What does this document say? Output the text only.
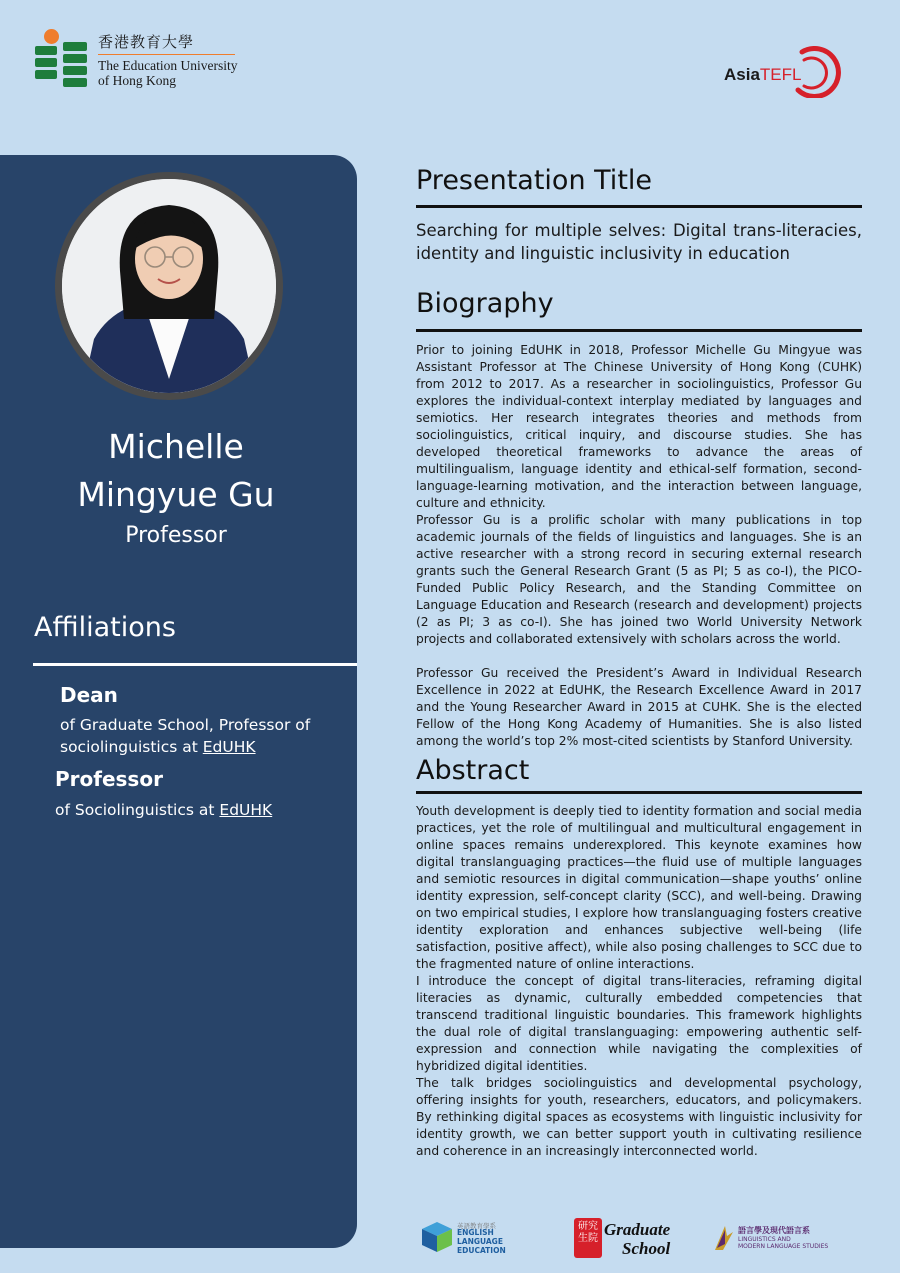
香港教育大學
The Education University
of Hong Kong	AsiaTEFL
Michelle
Mingyue Gu
Professor
Affiliations
Dean
of Graduate School, Professor of sociolinguistics at EdUHK
Professor
of Sociolinguistics at EdUHK
Presentation Title
Searching for multiple selves: Digital trans-literacies, identity and linguistic inclusivity in education
Biography

Prior to joining EdUHK in 2018, Professor Michelle Gu Mingyue was Assistant Professor at The Chinese University of Hong Kong (CUHK) from 2012 to 2017. As a researcher in sociolinguistics, Professor Gu explores the individual-context interplay mediated by languages and semiotics. Her research integrates theories and methods from sociolinguistics, critical inquiry, and discourse studies. She has developed theoretical frameworks to advance the areas of multilingualism, language identity and ethical-self formation, second-language-learning motivation, and the interaction between language, culture and ethnicity.

Professor Gu is a prolific scholar with many publications in top academic journals of the fields of linguistics and languages. She is an active researcher with a strong record in securing external research grants such the General Research Grant (5 as PI; 5 as co-I), the PICO-Funded Public Policy Research, and the Standing Committee on Language Education and Research (research and development) projects (2 as PI; 3 as co-I). She has joined two World University Network projects and collaborated extensively with scholars across the world.

Professor Gu received the President’s Award in Individual Research Excellence in 2022 at EdUHK, the Research Excellence Award in 2017 and the Young Researcher Award in 2015 at CUHK. She is the elected Fellow of the Hong Kong Academy of Humanities. She is also listed among the world’s top 2% most-cited scientists by Stanford University.

Abstract

Youth development is deeply tied to identity formation and social media practices, yet the role of multilingual and multicultural engagement in online spaces remains underexplored. This keynote examines how digital translanguaging practices—the fluid use of multiple languages and semiotic resources in digital communication—shape youths’ online identity expression, self-concept clarity (SCC), and well-being. Drawing on two empirical studies, I explore how translanguaging fosters creative identity exploration and enhances subjective well-being (life satisfaction, positive affect), while also posing challenges to SCC due to the fragmented nature of online interactions.

I introduce the concept of digital trans-literacies, reframing digital literacies as dynamic, culturally embedded competencies that transcend traditional linguistic boundaries. This framework highlights the dual role of digital translanguaging: empowering authentic self-expression and connection while navigating the complexities of hybridized digital identities.

The talk bridges sociolinguistics and developmental psychology, offering insights for youth, researchers, educators, and policymakers. By rethinking digital spaces as ecosystems with linguistic inclusivity for identity growth, we can better support youth in cultivating resilience and coherence in an increasingly interconnected world.

英語教育學系
ENGLISH LANGUAGE
EDUCATION
研究生院 Graduate
School
語言學及現代語言系
LINGUISTICS AND
MODERN LANGUAGE STUDIES
